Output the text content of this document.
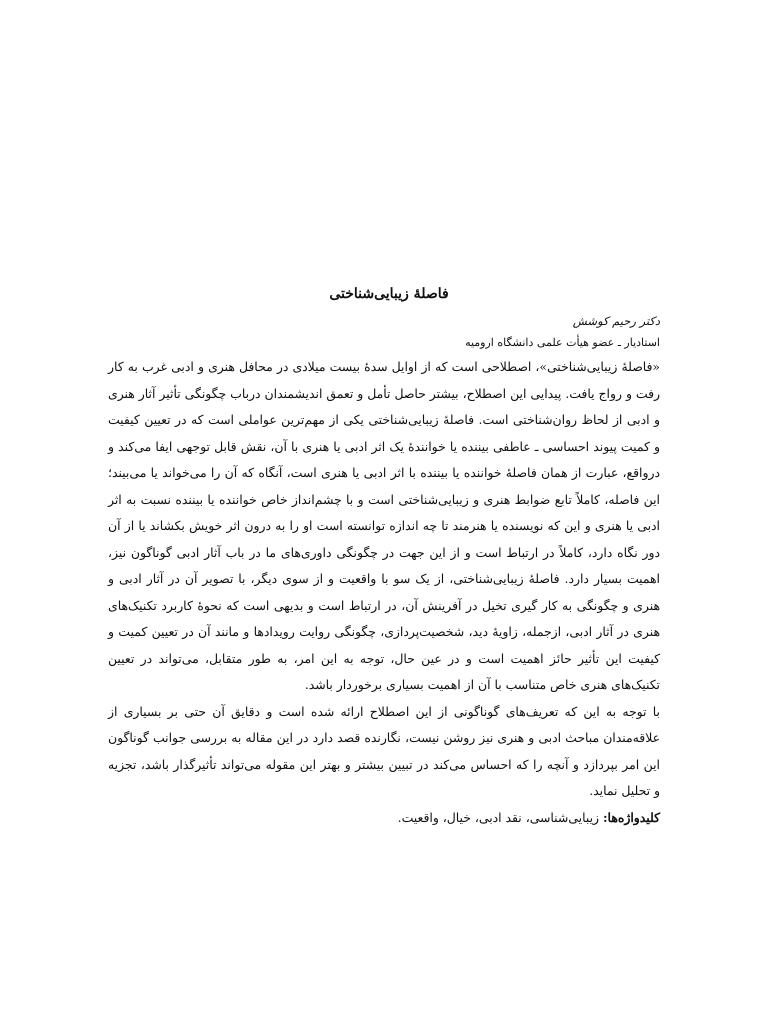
فاصلهٔ زیبایی‌شناختی
دکتر رحیم کوشش
استادیار ـ عضو هیأت علمی دانشگاه ارومیه

«فاصلهٔ زیبایی‌شناختی»، اصطلاحی است که از اوایل سدهٔ بیست میلادی در محافل هنری و ادبی غرب به کار رفت و رواج یافت. پیدایی این اصطلاح، بیشتر حاصل تأمل و تعمق اندیشمندان درباب چگونگی تأثیر آثار هنری و ادبی از لحاظ روان‌شناختی است. فاصلهٔ زیبایی‌شناختی یکی از مهم‌ترین عواملی است که در تعیین کیفیت و کمیت پیوند احساسی ـ عاطفی بیننده یا خوانندهٔ یک اثر ادبی یا هنری با آن، نقش قابل توجهی ایفا می‌کند و درواقع، عبارت از همان فاصلهٔ خواننده یا بیننده با اثر ادبی یا هنری است، آنگاه که آن را می‌خواند یا می‌بیند؛ این فاصله، کاملاً تابع ضوابط هنری و زیبایی‌شناختی است و با چشم‌انداز خاص خواننده یا بیننده نسبت به اثر ادبی یا هنری و این که نویسنده یا هنرمند تا چه اندازه توانسته است او را به درون اثر خویش بکشاند یا از آن دور نگاه دارد، کاملاً در ارتباط است و از این جهت در چگونگی داوری‌های ما در باب آثار ادبی گوناگون نیز، اهمیت بسیار دارد. فاصلهٔ زیبایی‌شناختی، از یک سو با واقعیت و از سوی دیگر، با تصویر آن در آثار ادبی و هنری و چگونگی به کار گیری تخیل در آفرینش آن، در ارتباط است و بدیهی است که نحوهٔ کاربرد تکنیک‌های هنری در آثار ادبی، ازجمله، زاویهٔ دید، شخصیت‌پردازی، چگونگی روایت رویدادها و مانند آن در تعیین کمیت و کیفیت این تأثیر حائز اهمیت است و در عین حال، توجه به این امر، به طور متقابل، می‌تواند در تعیین تکنیک‌های هنری خاص متناسب با آن از اهمیت بسیاری برخوردار باشد.

با توجه به این که تعریف‌های گوناگونی از این اصطلاح ارائه شده است و دقایق آن حتی بر بسیاری از علاقه‌مندان مباحث ادبی و هنری نیز روشن نیست، نگارنده قصد دارد در این مقاله به بررسی جوانب گوناگون این امر بپردازد و آنچه را که احساس می‌کند در تبیین بیشتر و بهتر این مقوله می‌تواند تأثیرگذار باشد، تجزیه و تحلیل نماید.

کلیدواژه‌ها: زیبایی‌شناسی، نقد ادبی، خیال، واقعیت.
